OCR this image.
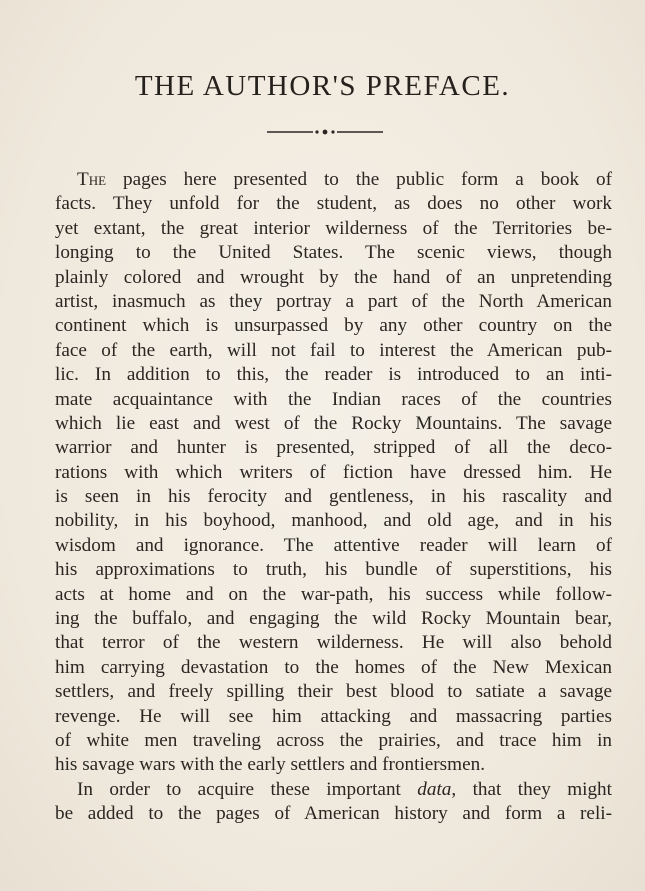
THE AUTHOR'S PREFACE.
The pages here presented to the public form a book of
facts. They unfold for the student, as does no other work
yet extant, the great interior wilderness of the Territories be-
longing to the United States. The scenic views, though
plainly colored and wrought by the hand of an unpretending
artist, inasmuch as they portray a part of the North American
continent which is unsurpassed by any other country on the
face of the earth, will not fail to interest the American pub-
lic. In addition to this, the reader is introduced to an inti-
mate acquaintance with the Indian races of the countries
which lie east and west of the Rocky Mountains. The savage
warrior and hunter is presented, stripped of all the deco-
rations with which writers of fiction have dressed him. He
is seen in his ferocity and gentleness, in his rascality and
nobility, in his boyhood, manhood, and old age, and in his
wisdom and ignorance. The attentive reader will learn of
his approximations to truth, his bundle of superstitions, his
acts at home and on the war-path, his success while follow-
ing the buffalo, and engaging the wild Rocky Mountain bear,
that terror of the western wilderness. He will also behold
him carrying devastation to the homes of the New Mexican
settlers, and freely spilling their best blood to satiate a savage
revenge. He will see him attacking and massacring parties
of white men traveling across the prairies, and trace him in
his savage wars with the early settlers and frontiersmen.
In order to acquire these important data, that they might
be added to the pages of American history and form a reli-
